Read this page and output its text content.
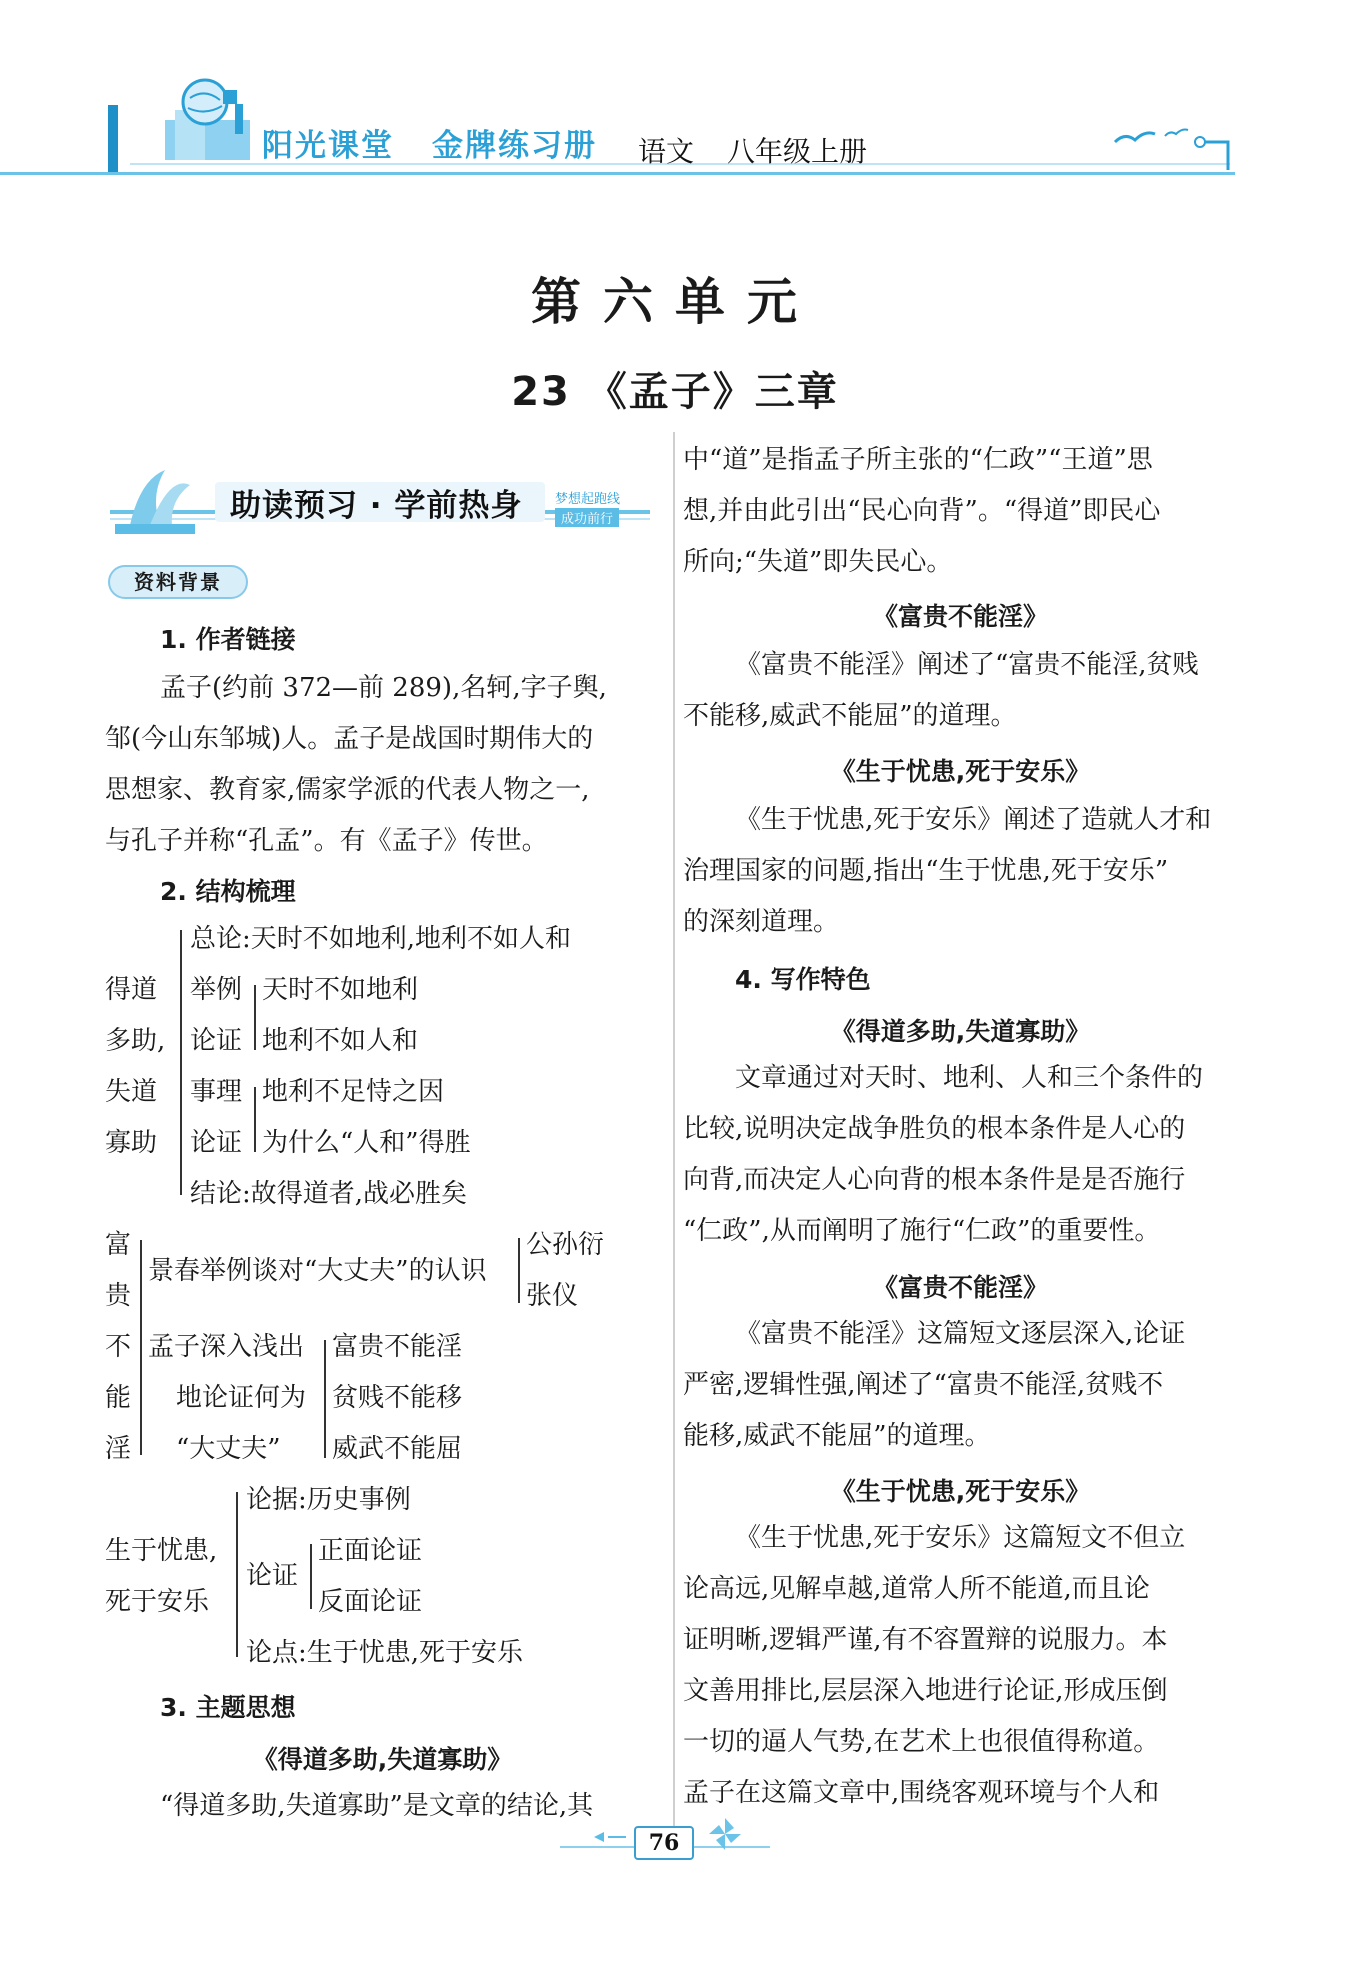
阳光课堂 金牌练习册 语文 八年级上册
第六单元
23 《孟子》三章
助读预习 · 学前热身	梦想起跑线
成功前行
资料背景
1. 作者链接
孟子(约前 372—前 289),名轲,字子舆,
邹(今山东邹城)人。孟子是战国时期伟大的
思想家、教育家,儒家学派的代表人物之一,
与孔子并称“孔孟”。有《孟子》传世。
2. 结构梳理
得道
多助,
失道
寡助
总论:天时不如地利,地利不如人和
举例
论证
天时不如地利
地利不如人和
事理
论证
地利不足恃之因
为什么“人和”得胜
结论:故得道者,战必胜矣
富
贵
不
能
淫
景春举例谈对“大丈夫”的认识
公孙衍
张仪
孟子深入浅出
地论证何为
“大丈夫”
富贵不能淫
贫贱不能移
威武不能屈
生于忧患,
死于安乐
论据:历史事例
论证
正面论证
反面论证
论点:生于忧患,死于安乐
3. 主题思想
《得道多助,失道寡助》
“得道多助,失道寡助”是文章的结论,其
中“道”是指孟子所主张的“仁政”“王道”思
想,并由此引出“民心向背”。“得道”即民心
所向;“失道”即失民心。
《富贵不能淫》
《富贵不能淫》阐述了“富贵不能淫,贫贱
不能移,威武不能屈”的道理。
《生于忧患,死于安乐》
《生于忧患,死于安乐》阐述了造就人才和
治理国家的问题,指出“生于忧患,死于安乐”
的深刻道理。
4. 写作特色
《得道多助,失道寡助》
文章通过对天时、地利、人和三个条件的
比较,说明决定战争胜负的根本条件是人心的
向背,而决定人心向背的根本条件是是否施行
“仁政”,从而阐明了施行“仁政”的重要性。
《富贵不能淫》
《富贵不能淫》这篇短文逐层深入,论证
严密,逻辑性强,阐述了“富贵不能淫,贫贱不
能移,威武不能屈”的道理。
《生于忧患,死于安乐》
《生于忧患,死于安乐》这篇短文不但立
论高远,见解卓越,道常人所不能道,而且论
证明晰,逻辑严谨,有不容置辩的说服力。本
文善用排比,层层深入地进行论证,形成压倒
一切的逼人气势,在艺术上也很值得称道。
孟子在这篇文章中,围绕客观环境与个人和
76
